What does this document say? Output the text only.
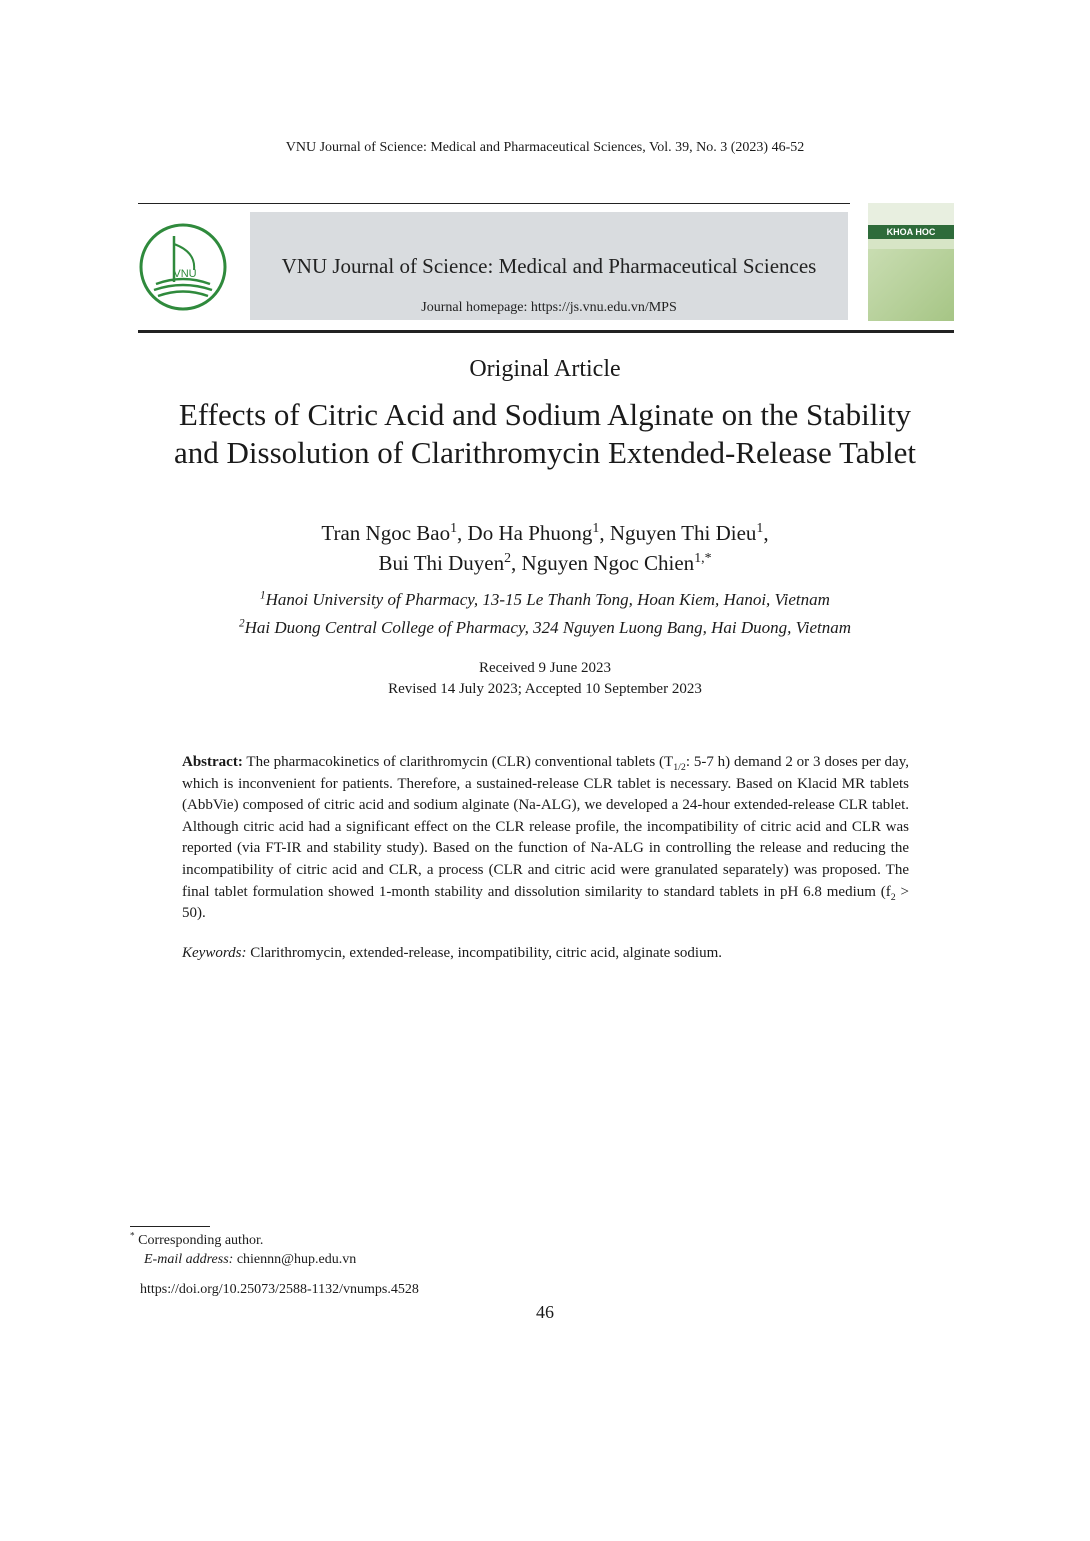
VNU Journal of Science: Medical and Pharmaceutical Sciences, Vol. 39, No. 3 (2023) 46-52
VNU	VNU Journal of Science: Medical and Pharmaceutical Sciences
Journal homepage: https://js.vnu.edu.vn/MPS
KHOA HOC
Original Article
Effects of Citric Acid and Sodium Alginate on the Stability
and Dissolution of Clarithromycin Extended-Release Tablet
Tran Ngoc Bao$^1$, Do Ha Phuong$^1$, Nguyen Thi Dieu$^1$,
Bui Thi Duyen$^2$, Nguyen Ngoc Chien$^{1,*}$
$^1$Hanoi University of Pharmacy, 13-15 Le Thanh Tong, Hoan Kiem, Hanoi, Vietnam
$^2$Hai Duong Central College of Pharmacy, 324 Nguyen Luong Bang, Hai Duong, Vietnam
Received 9 June 2023
Revised 14 July 2023; Accepted 10 September 2023
Abstract: The pharmacokinetics of clarithromycin (CLR) conventional tablets ($T_{1/2}$: 5-7 h) demand 2 or 3 doses per day, which is inconvenient for patients. Therefore, a sustained-release CLR tablet is necessary. Based on Klacid MR tablets (AbbVie) composed of citric acid and sodium alginate (Na-ALG), we developed a 24-hour extended-release CLR tablet. Although citric acid had a significant effect on the CLR release profile, the incompatibility of citric acid and CLR was reported (via FT-IR and stability study). Based on the function of Na-ALG in controlling the release and reducing the incompatibility of citric acid and CLR, a process (CLR and citric acid were granulated separately) was proposed. The final tablet formulation showed 1-month stability and dissolution similarity to standard tablets in pH 6.8 medium $(f_2 > 50)$.
Keywords: Clarithromycin, extended-release, incompatibility, citric acid, alginate sodium.
* Corresponding author.
E-mail address: chiennn@hup.edu.vn
https://doi.org/10.25073/2588-1132/vnumps.4528
46
